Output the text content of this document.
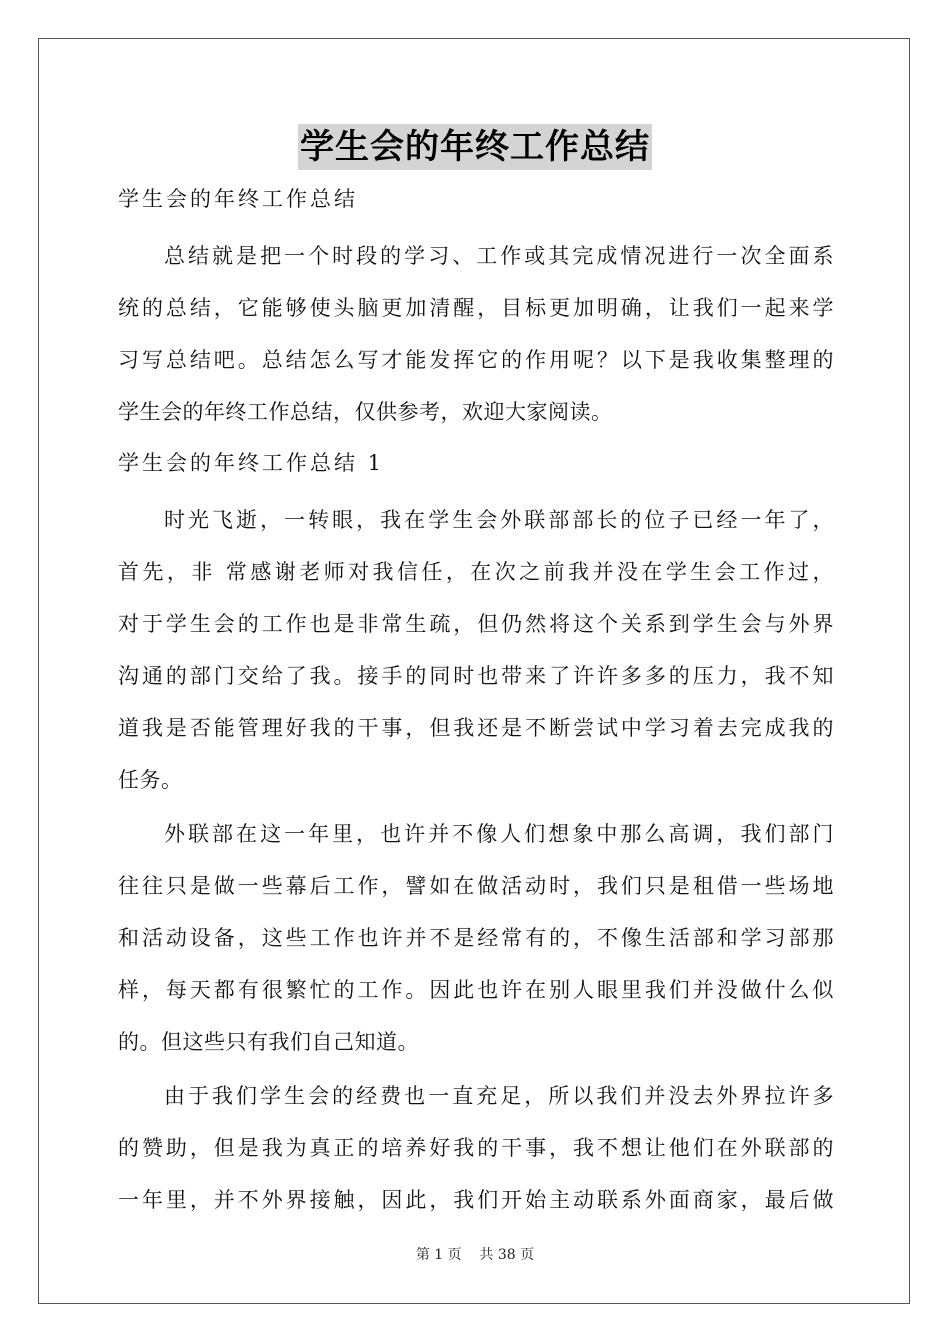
学生会的年终工作总结
学生会的年终工作总结
总结就是把一个时段的学习、工作或其完成情况进行一次全面系
统的总结，它能够使头脑更加清醒，目标更加明确，让我们一起来学
习写总结吧。总结怎么写才能发挥它的作用呢？以下是我收集整理的
学生会的年终工作总结，仅供参考，欢迎大家阅读。
学生会的年终工作总结 1
时光飞逝，一转眼，我在学生会外联部部长的位子已经一年了，
首先，非 常感谢老师对我信任，在次之前我并没在学生会工作过，
对于学生会的工作也是非常生疏，但仍然将这个关系到学生会与外界
沟通的部门交给了我。接手的同时也带来了许许多多的压力，我不知
道我是否能管理好我的干事，但我还是不断尝试中学习着去完成我的
任务。
外联部在这一年里，也许并不像人们想象中那么高调，我们部门
往往只是做一些幕后工作，譬如在做活动时，我们只是租借一些场地
和活动设备，这些工作也许并不是经常有的，不像生活部和学习部那
样，每天都有很繁忙的工作。因此也许在别人眼里我们并没做什么似
的。但这些只有我们自己知道。
由于我们学生会的经费也一直充足，所以我们并没去外界拉许多
的赞助，但是我为真正的培养好我的干事，我不想让他们在外联部的
一年里，并不外界接触，因此，我们开始主动联系外面商家，最后做
第 1 页    共 38 页
